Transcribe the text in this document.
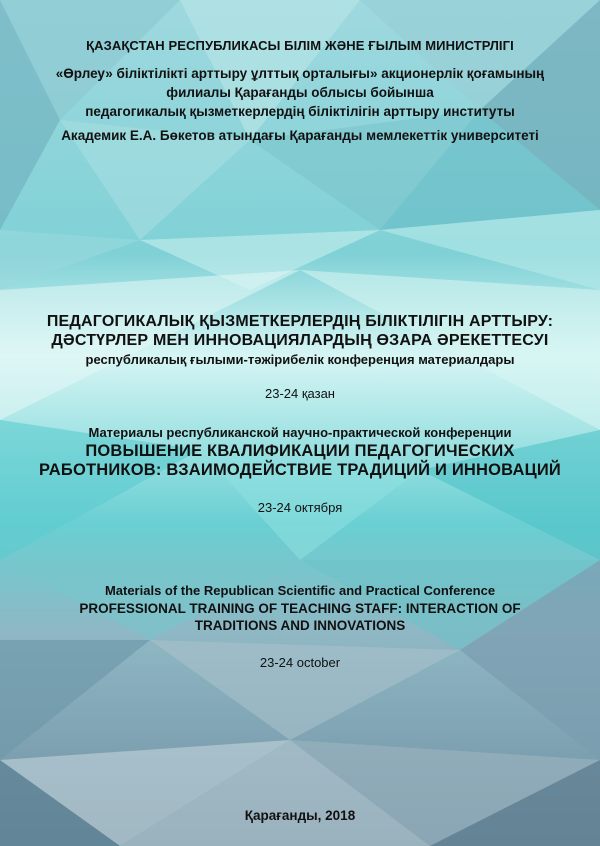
ҚАЗАҚСТАН РЕСПУБЛИКАСЫ БІЛІМ ЖӘНЕ ҒЫЛЫМ МИНИСТРЛІГІ
«Өрлеу» біліктілікті арттыру ұлттық орталығы» акционерлік қоғамының
филиалы Қарағанды облысы бойынша
педагогикалық қызметкерлердің біліктілігін арттыру институты
Академик Е.А. Бөкетов атындағы Қарағанды мемлекеттік университеті
ПЕДАГОГИКАЛЫҚ ҚЫЗМЕТКЕРЛЕРДІҢ БІЛІКТІЛІГІН АРТТЫРУ:
ДӘСТҮРЛЕР МЕН ИННОВАЦИЯЛАРДЫҢ ӨЗАРА ӘРЕКЕТТЕСУІ
республикалық ғылыми-тәжірибелік конференция материалдары
23-24 қазан
Материалы республиканской научно-практической конференции
ПОВЫШЕНИЕ КВАЛИФИКАЦИИ ПЕДАГОГИЧЕСКИХ
РАБОТНИКОВ: ВЗАИМОДЕЙСТВИЕ ТРАДИЦИЙ И ИННОВАЦИЙ
23-24 октября
Materials of the Republican Scientific and Practical Conference
PROFESSIONAL TRAINING OF TEACHING STAFF: INTERACTION OF
TRADITIONS AND INNOVATIONS
23-24 october
Қарағанды, 2018
